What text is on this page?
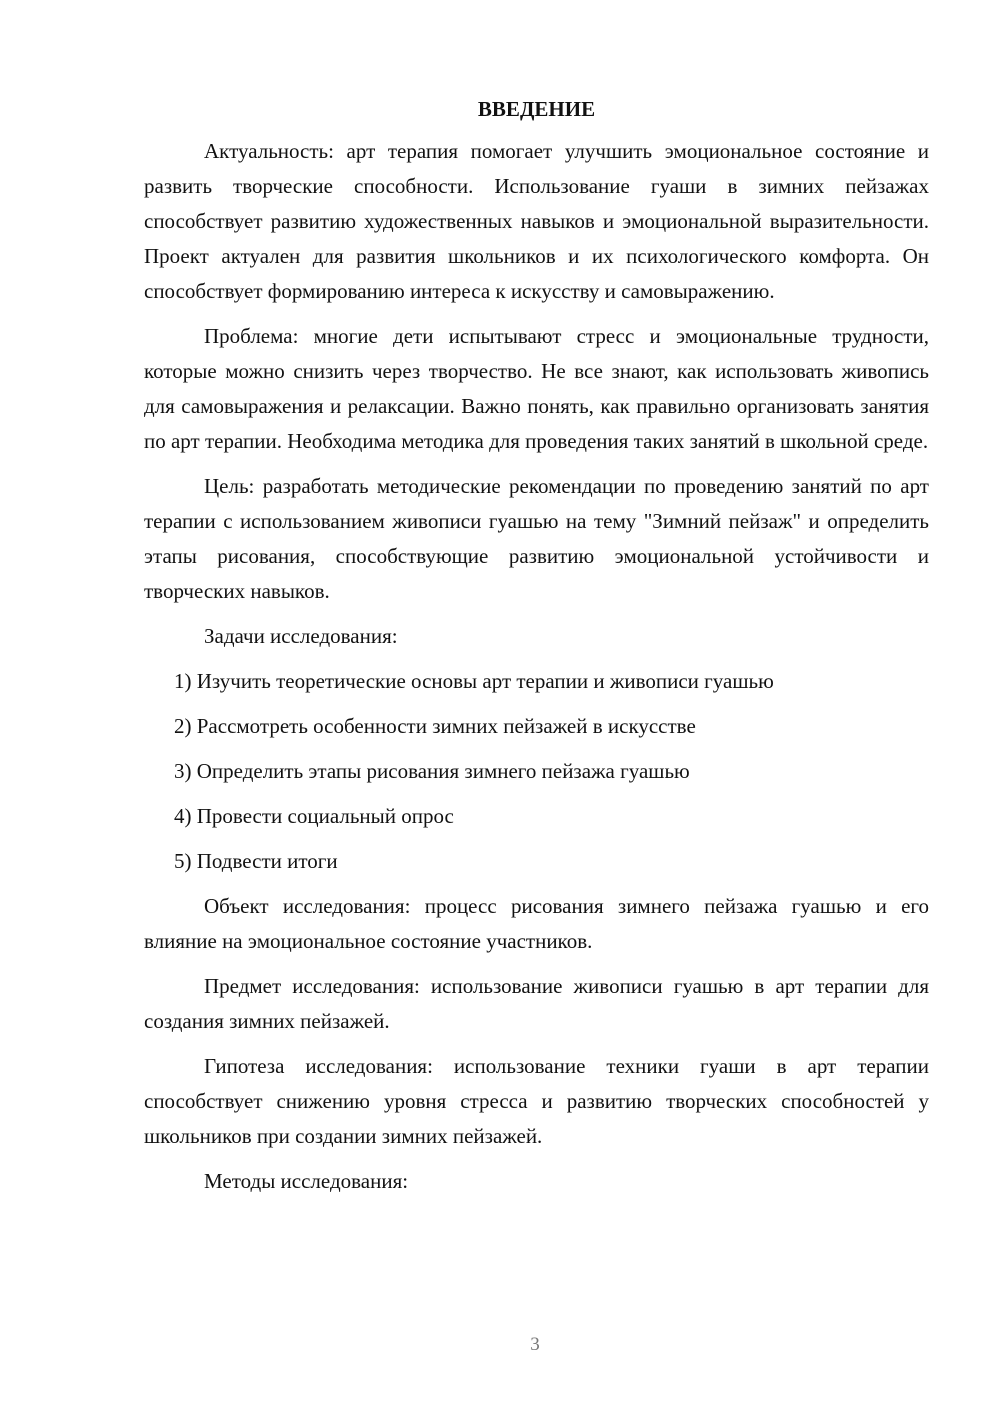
ВВЕДЕНИЕ

Актуальность: арт терапия помогает улучшить эмоциональное состояние и развить творческие способности. Использование гуаши в зимних пейзажах способствует развитию художественных навыков и эмоциональной выразительности. Проект актуален для развития школьников и их психологического комфорта. Он способствует формированию интереса к искусству и самовыражению.

Проблема: многие дети испытывают стресс и эмоциональные трудности, которые можно снизить через творчество. Не все знают, как использовать живопись для самовыражения и релаксации. Важно понять, как правильно организовать занятия по арт терапии. Необходима методика для проведения таких занятий в школьной среде.

Цель: разработать методические рекомендации по проведению занятий по арт терапии с использованием живописи гуашью на тему "Зимний пейзаж" и определить этапы рисования, способствующие развитию эмоциональной устойчивости и творческих навыков.

Задачи исследования:

1) Изучить теоретические основы арт терапии и живописи гуашью
2) Рассмотреть особенности зимних пейзажей в искусстве
3) Определить этапы рисования зимнего пейзажа гуашью
4) Провести социальный опрос
5) Подвести итоги

Объект исследования: процесс рисования зимнего пейзажа гуашью и его влияние на эмоциональное состояние участников.

Предмет исследования: использование живописи гуашью в арт терапии для создания зимних пейзажей.

Гипотеза исследования: использование техники гуаши в арт терапии способствует снижению уровня стресса и развитию творческих способностей у школьников при создании зимних пейзажей.

Методы исследования:

3
